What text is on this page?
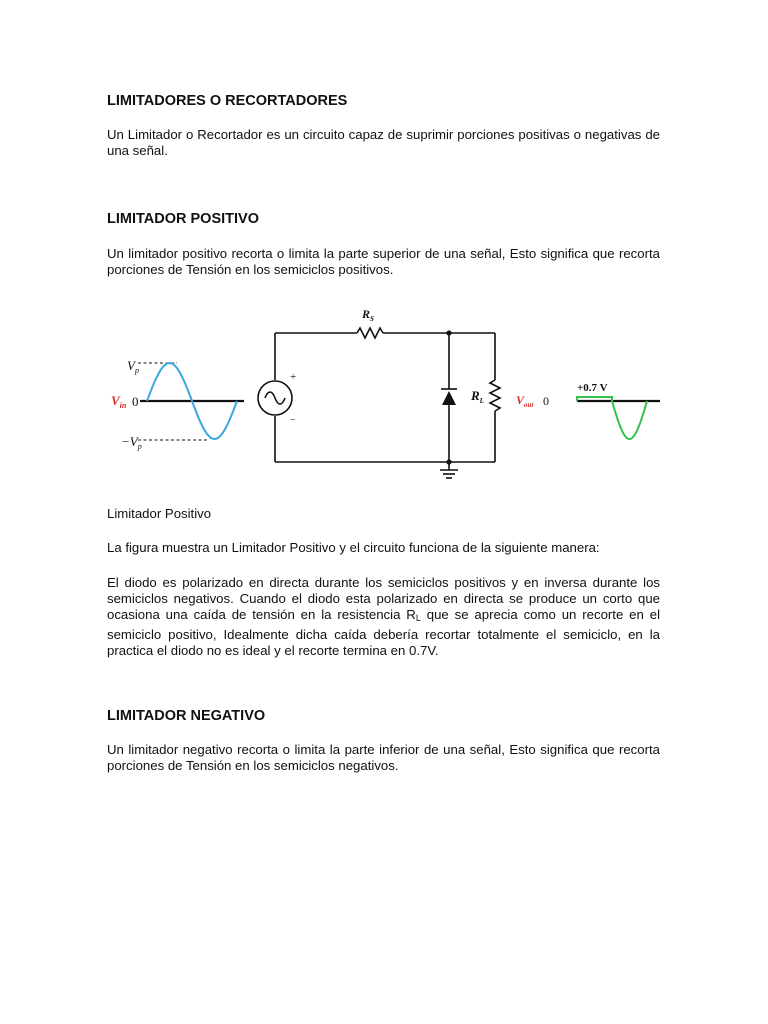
LIMITADORES O RECORTADORES

Un Limitador o Recortador es un circuito capaz de suprimir porciones positivas o negativas de una señal.

LIMITADOR POSITIVO

Un limitador positivo recorta o limita la parte superior de una señal, Esto significa que recorta porciones de Tensión en los semiciclos positivos.

$V_p$
$-V_p$
$V_{in}$ 0
+
−
$R_S$
$R_L$	$V_{out}$ 0
+0.7 V

Limitador Positivo

La figura muestra un Limitador Positivo y el circuito funciona de la siguiente manera:

El diodo es polarizado en directa durante los semiciclos positivos y en inversa durante los semiciclos negativos. Cuando el diodo esta polarizado en directa se produce un corto que ocasiona una caída de tensión en la resistencia $R_L$ que se aprecia como un recorte en el semiciclo positivo, Idealmente dicha caída debería recortar totalmente el semiciclo, en la practica el diodo no es ideal y el recorte termina en 0.7V.

LIMITADOR NEGATIVO

Un limitador negativo recorta o limita la parte inferior de una señal, Esto significa que recorta porciones de Tensión en los semiciclos negativos.
